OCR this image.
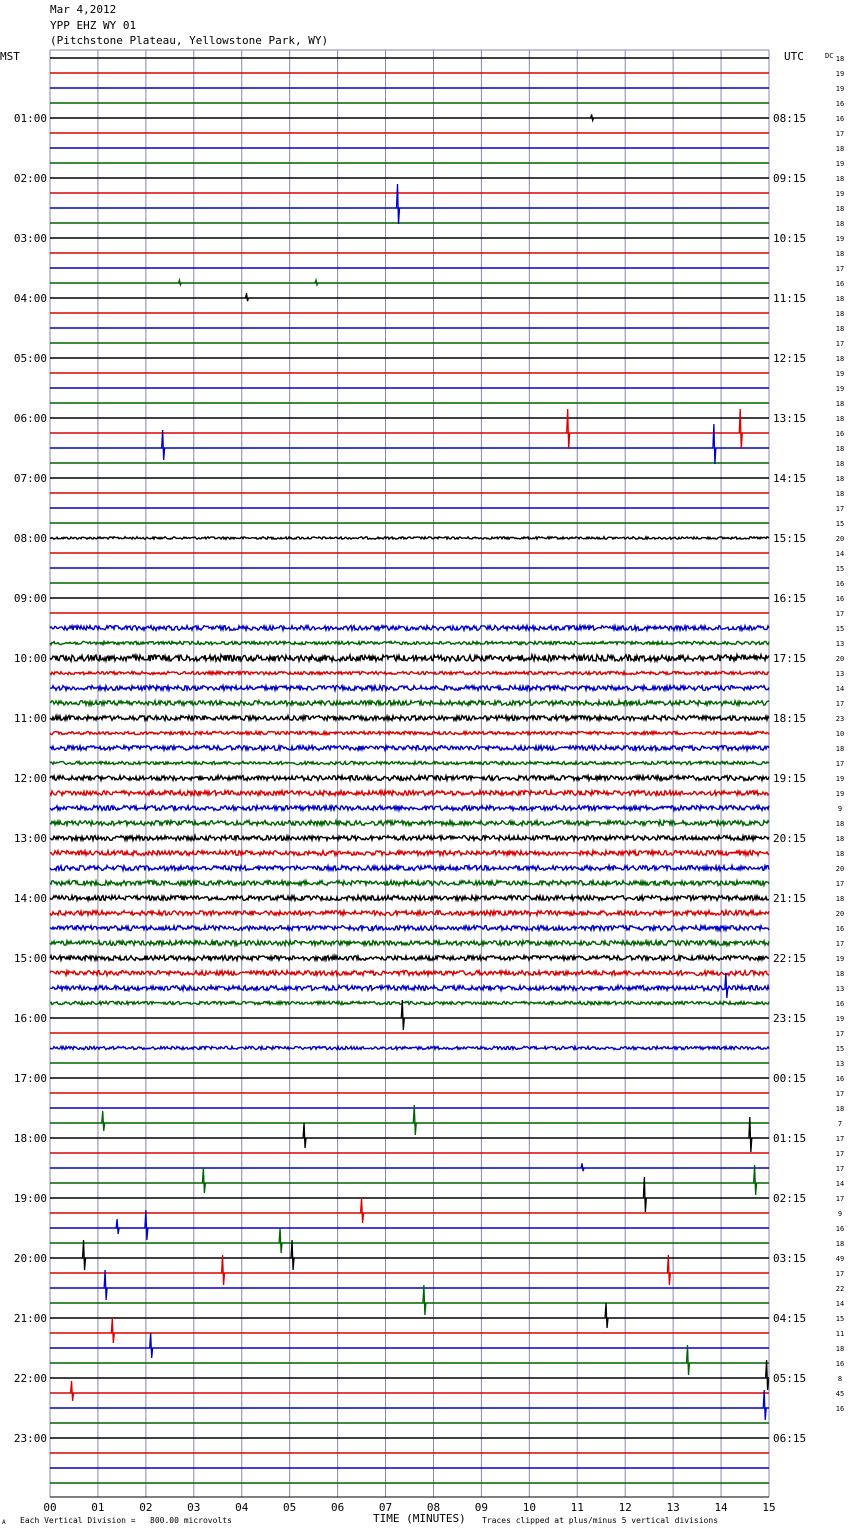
Mar 4,2012
YPP EHZ WY 01
(Pitchstone Plateau, Yellowstone Park, WY)
MST	UTC	DC 18
19
19
16
16
17
18
19
18
19
18
18
19
18
17
16
18
18
18
17
18
19
19
18
18
16
18
18
18
18
17
15
20
14
15
16
16
17
15
13
20
13
14
17
23
10
18
17
19
19
9
18
18
18
20
17
18
20
16
17
19
18
13
16
19
17
15
13
16
17
18
7
17
17
17
14
17
9
16
18
49
17
22
14
15
11
18
16
8
45
16
01:00
02:00
03:00
04:00
05:00
06:00
07:00
08:00
09:00
10:00
11:00
12:00
13:00
14:00
15:00
16:00
17:00
18:00
19:00
20:00
21:00
22:00
23:00
08:15
09:15
10:15
11:15
12:15
13:15
14:15
15:15
16:15
17:15
18:15
19:15
20:15
21:15
22:15
23:15
00:15
01:15
02:15
03:15
04:15
05:15
06:15
00	01	02	03	04	05	06	07	08	09	10	11	12	13	14	15
Each Vertical Division = 800.00 microvolts	TIME (MINUTES) Traces clipped at plus/minus 5 vertical divisions
A
